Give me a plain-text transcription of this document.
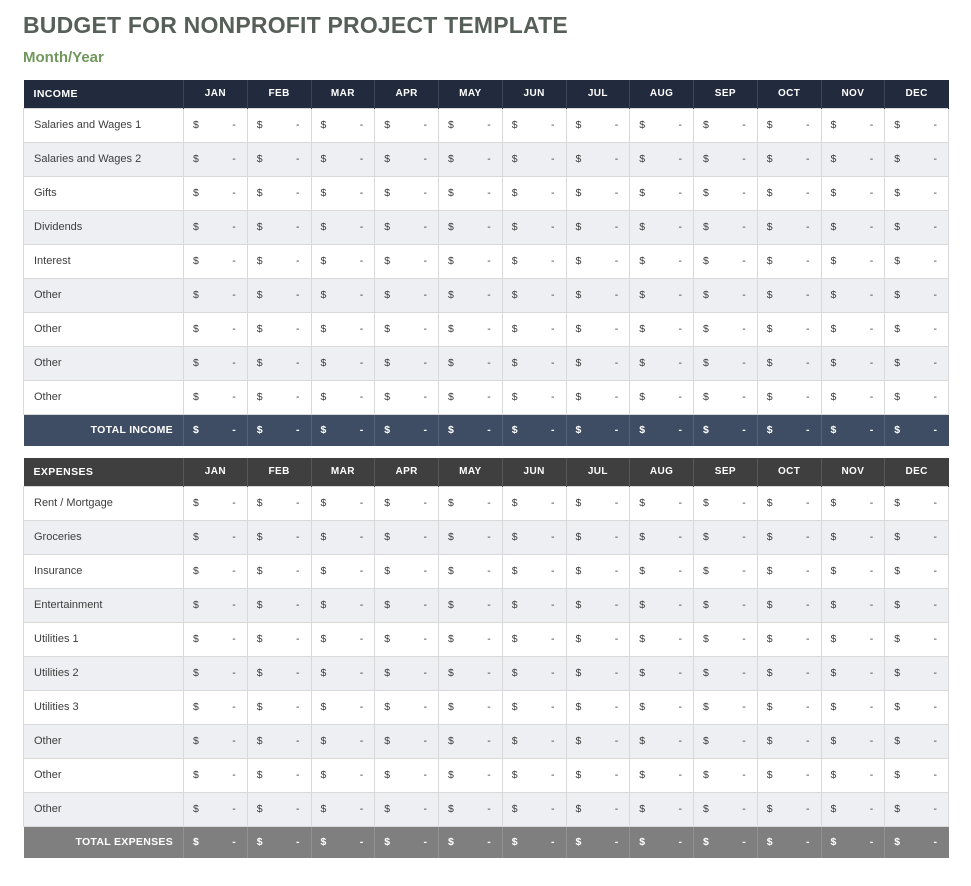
BUDGET FOR NONPROFIT PROJECT TEMPLATE
Month/Year
INCOME	JAN	FEB	MAR	APR	MAY	JUN	JUL	AUG	SEP	OCT	NOV	DEC
Salaries and Wages 1	$ -	$ -	$ -	$ -	$ -	$ -	$ -	$ -	$ -	$ -	$ -	$ -

Salaries and Wages 2	$ -	$ -	$ -	$ -	$ -	$ -	$ -	$ -	$ -	$ -	$ -	$ -

Gifts	$ -	$ -	$ -	$ -	$ -	$ -	$ -	$ -	$ -	$ -	$ -	$ -

Dividends	$ -	$ -	$ -	$ -	$ -	$ -	$ -	$ -	$ -	$ -	$ -	$ -

Interest	$ -	$ -	$ -	$ -	$ -	$ -	$ -	$ -	$ -	$ -	$ -	$ -

Other	$ -	$ -	$ -	$ -	$ -	$ -	$ -	$ -	$ -	$ -	$ -	$ -

Other	$ -	$ -	$ -	$ -	$ -	$ -	$ -	$ -	$ -	$ -	$ -	$ -

Other	$ -	$ -	$ -	$ -	$ -	$ -	$ -	$ -	$ -	$ -	$ -	$ -

Other	$ -	$ -	$ -	$ -	$ -	$ -	$ -	$ -	$ -	$ -	$ -	$ -

TOTAL INCOME	$ -	$ -	$ -	$ -	$ -	$ -	$ -	$ -	$ -	$ -	$ -	$ -
EXPENSES	JAN	FEB	MAR	APR	MAY	JUN	JUL	AUG	SEP	OCT	NOV	DEC
Rent / Mortgage	$ -	$ -	$ -	$ -	$ -	$ -	$ -	$ -	$ -	$ -	$ -	$ -

Groceries	$ -	$ -	$ -	$ -	$ -	$ -	$ -	$ -	$ -	$ -	$ -	$ -

Insurance	$ -	$ -	$ -	$ -	$ -	$ -	$ -	$ -	$ -	$ -	$ -	$ -

Entertainment	$ -	$ -	$ -	$ -	$ -	$ -	$ -	$ -	$ -	$ -	$ -	$ -

Utilities 1	$ -	$ -	$ -	$ -	$ -	$ -	$ -	$ -	$ -	$ -	$ -	$ -

Utilities 2	$ -	$ -	$ -	$ -	$ -	$ -	$ -	$ -	$ -	$ -	$ -	$ -

Utilities 3	$ -	$ -	$ -	$ -	$ -	$ -	$ -	$ -	$ -	$ -	$ -	$ -

Other	$ -	$ -	$ -	$ -	$ -	$ -	$ -	$ -	$ -	$ -	$ -	$ -

Other	$ -	$ -	$ -	$ -	$ -	$ -	$ -	$ -	$ -	$ -	$ -	$ -

Other	$ -	$ -	$ -	$ -	$ -	$ -	$ -	$ -	$ -	$ -	$ -	$ -

TOTAL EXPENSES	$ -	$ -	$ -	$ -	$ -	$ -	$ -	$ -	$ -	$ -	$ -	$ -
